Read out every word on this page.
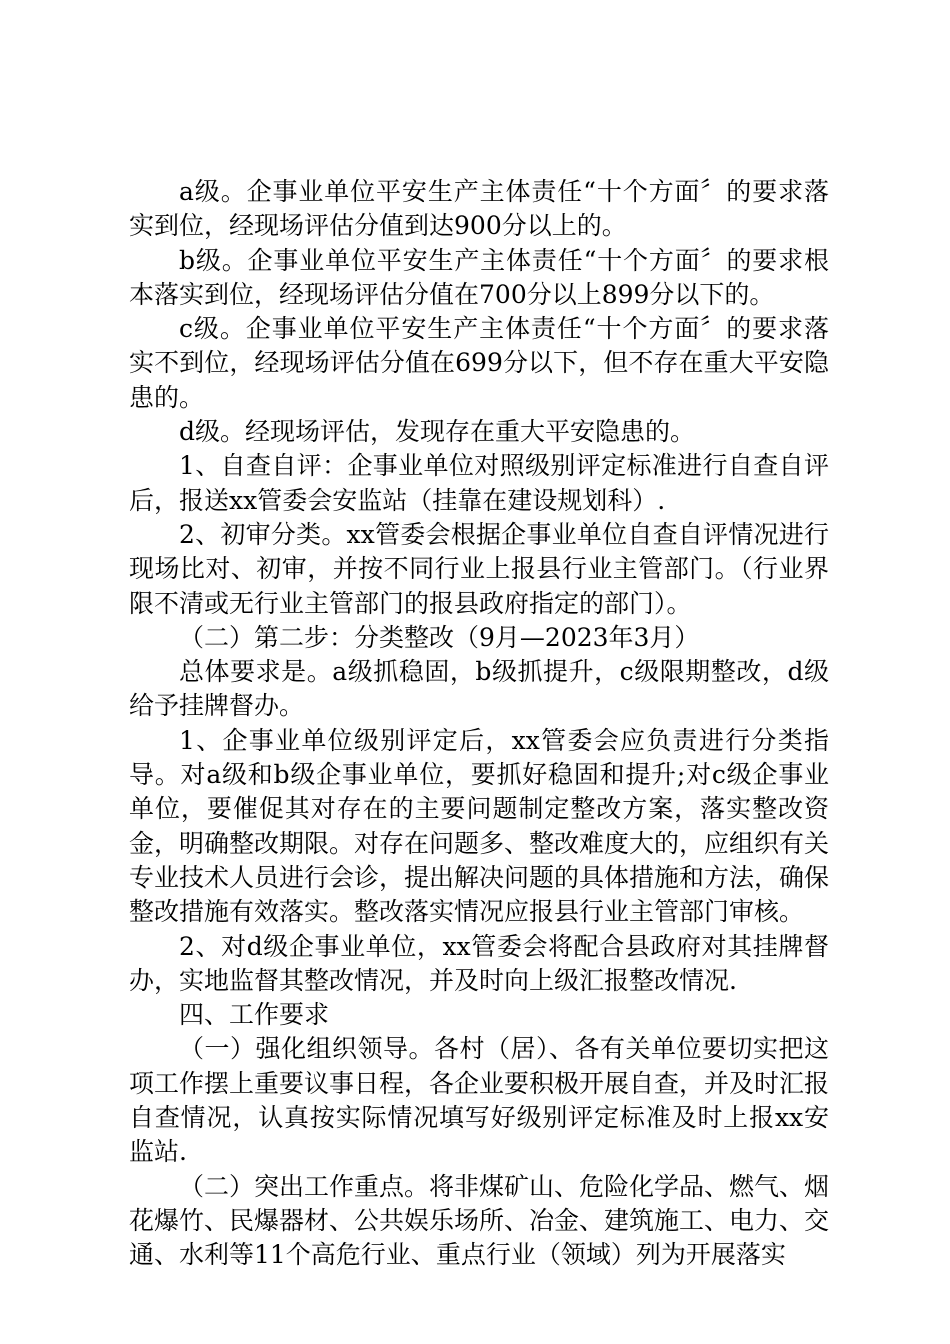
a级。企事业单位平安生产主体责任“十个方面〞的要求落实到位，经现场评估分值到达900分以上的。

b级。企事业单位平安生产主体责任“十个方面〞的要求根本落实到位，经现场评估分值在700分以上899分以下的。

c级。企事业单位平安生产主体责任“十个方面〞的要求落实不到位，经现场评估分值在699分以下，但不存在重大平安隐患的。

d级。经现场评估，发现存在重大平安隐患的。

1、自查自评：企事业单位对照级别评定标准进行自查自评后，报送xx管委会安监站（挂靠在建设规划科）.

2、初审分类。xx管委会根据企事业单位自查自评情况进行现场比对、初审，并按不同行业上报县行业主管部门。（行业界限不清或无行业主管部门的报县政府指定的部门）。

（二）第二步：分类整改（9月—2023年3月）

总体要求是。a级抓稳固，b级抓提升，c级限期整改，d级给予挂牌督办。

1、企事业单位级别评定后，xx管委会应负责进行分类指导。对a级和b级企事业单位，要抓好稳固和提升;对c级企事业单位，要催促其对存在的主要问题制定整改方案，落实整改资金，明确整改期限。对存在问题多、整改难度大的，应组织有关专业技术人员进行会诊，提出解决问题的具体措施和方法，确保整改措施有效落实。整改落实情况应报县行业主管部门审核。

2、对d级企事业单位，xx管委会将配合县政府对其挂牌督办，实地监督其整改情况，并及时向上级汇报整改情况.

四、工作要求

（一）强化组织领导。各村（居）、各有关单位要切实把这项工作摆上重要议事日程，各企业要积极开展自查，并及时汇报自查情况，认真按实际情况填写好级别评定标准及时上报xx安监站.

（二）突出工作重点。将非煤矿山、危险化学品、燃气、烟花爆竹、民爆器材、公共娱乐场所、冶金、建筑施工、电力、交通、水利等11个高危行业、重点行业（领域）列为开展落实
